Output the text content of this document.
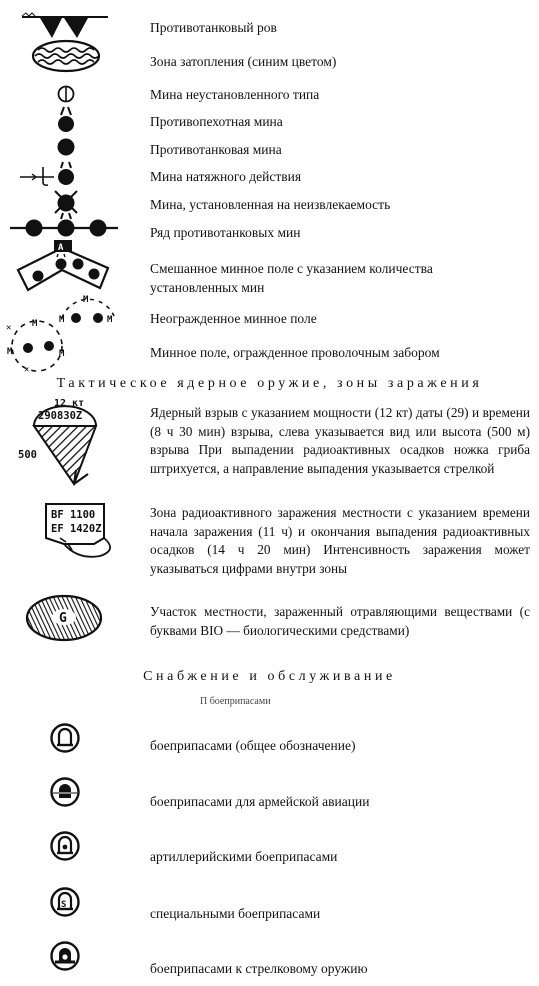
A
M
M	M
✕ M
M	M
✕
12 кт
290830Z
500
BF 1100
EF 1420Z
G
S
Противотанковый ров
Зона затопления (синим цветом)
Мина неустановленного типа
Противопехотная мина
Противотанковая мина
Мина натяжного действия
Мина, установленная на неизвлекаемость
Ряд противотанковых мин
Смешанное минное поле с указанием количества установленных мин
Неогражденное минное поле
Минное поле, огражденное проволочным забором
Тактическое ядерное оружие, зоны заражения
Ядерный взрыв с указанием мощности (12 кт) даты (29) и времени (8 ч 30 мин) взрыва, слева указывается вид или высота (500 м) взрыва При выпадении радиоактивных осадков ножка гриба штрихуется, а направление выпадения указывается стрелкой
Зона радиоактивного заражения местности с указанием времени начала заражения (11 ч) и окончания выпадения радиоактивных осадков (14 ч 20 мин) Интенсивность заражения может указываться цифрами внутри зоны
Участок местности, зараженный отравляющими веществами (с буквами BIO — биологическими средствами)
Снабжение и обслуживание
П боеприпасами
боеприпасами (общее обозначение)
боеприпасами для армейской авиации
артиллерийскими боеприпасами
специальными боеприпасами
боеприпасами к стрелковому оружию
